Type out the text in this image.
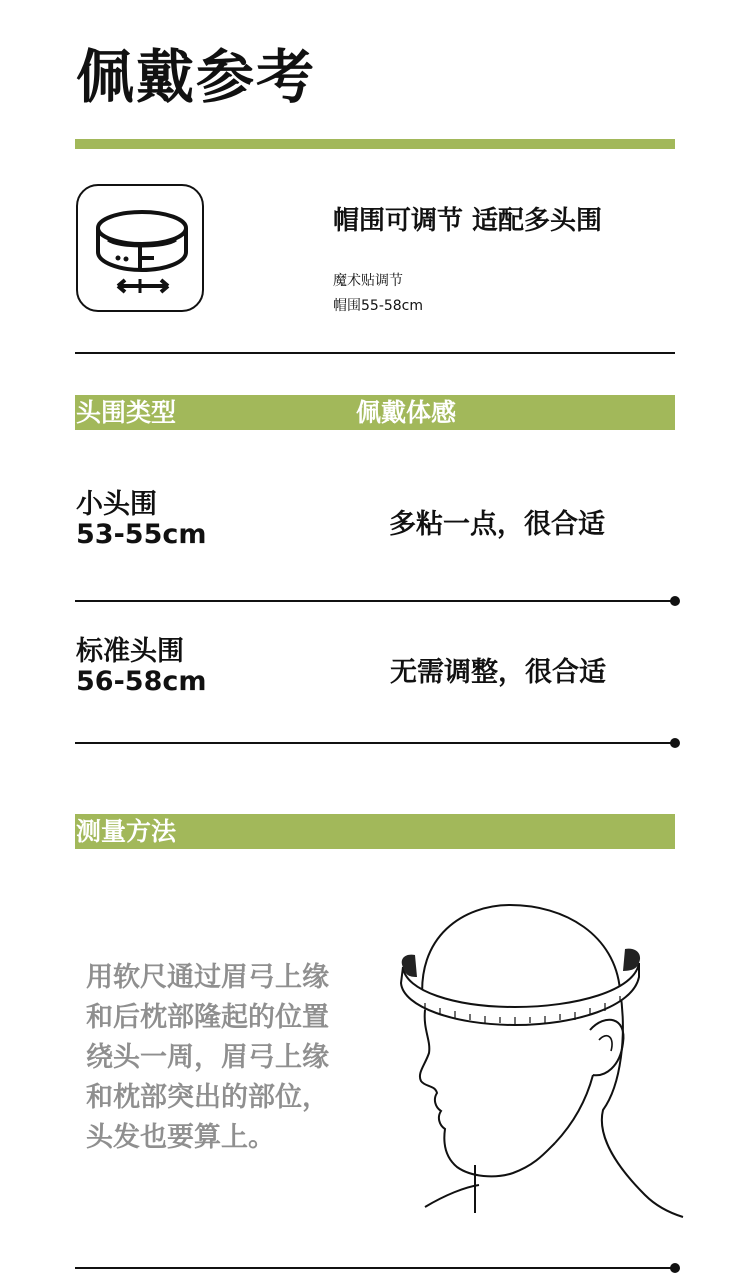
佩戴参考
帽围可调节 适配多头围
魔术贴调节
帽围55-58cm
头围类型	佩戴体感
小头围
53-55cm	多粘一点，很合适
标准头围
56-58cm	无需调整，很合适
测量方法
用软尺通过眉弓上缘
和后枕部隆起的位置
绕头一周，眉弓上缘
和枕部突出的部位，
头发也要算上。
